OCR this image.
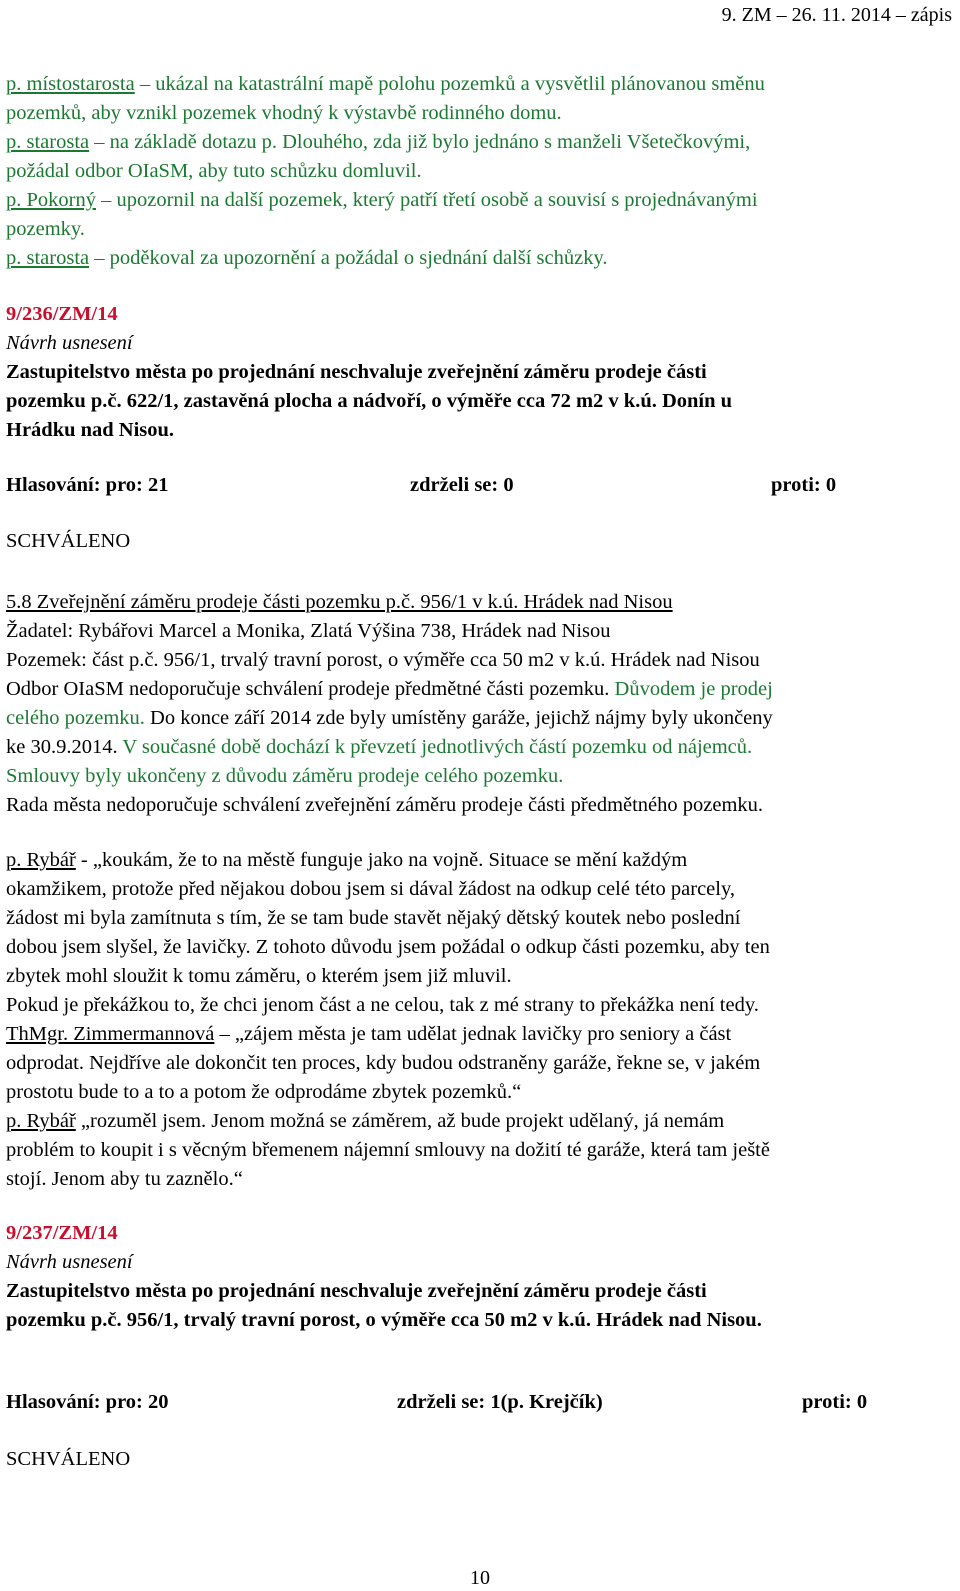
9. ZM – 26. 11. 2014 – zápis
p. místostarosta – ukázal na katastrální mapě polohu pozemků a vysvětlil plánovanou směnu
pozemků, aby vznikl pozemek vhodný k výstavbě rodinného domu.
p. starosta – na základě dotazu p. Dlouhého, zda již bylo jednáno s manželi Všetečkovými,
požádal odbor OIaSM, aby tuto schůzku domluvil.
p. Pokorný – upozornil na další pozemek, který patří třetí osobě a souvisí s projednávanými
pozemky.
p. starosta – poděkoval za upozornění a požádal o sjednání další schůzky.
9/236/ZM/14
Návrh usnesení
Zastupitelstvo města po projednání neschvaluje zveřejnění záměru prodeje části
pozemku p.č. 622/1, zastavěná plocha a nádvoří, o výměře cca 72 m2 v k.ú. Donín u
Hrádku nad Nisou.
Hlasování: pro: 21	zdrželi se: 0	proti: 0
SCHVÁLENO
5.8 Zveřejnění záměru prodeje části pozemku p.č. 956/1 v k.ú. Hrádek nad Nisou
Žadatel: Rybářovi Marcel a Monika, Zlatá Výšina 738, Hrádek nad Nisou
Pozemek: část p.č. 956/1, trvalý travní porost, o výměře cca 50 m2 v k.ú. Hrádek nad Nisou
Odbor OIaSM nedoporučuje schválení prodeje předmětné části pozemku. Důvodem je prodej
celého pozemku. Do konce září 2014 zde byly umístěny garáže, jejichž nájmy byly ukončeny
ke 30.9.2014. V současné době dochází k převzetí jednotlivých částí pozemku od nájemců.
Smlouvy byly ukončeny z důvodu záměru prodeje celého pozemku.
Rada města nedoporučuje schválení zveřejnění záměru prodeje části předmětného pozemku.
p. Rybář - „koukám, že to na městě funguje jako na vojně. Situace se mění každým
okamžikem, protože před nějakou dobou jsem si dával žádost na odkup celé této parcely,
žádost mi byla zamítnuta s tím, že se tam bude stavět nějaký dětský koutek nebo poslední
dobou jsem slyšel, že lavičky. Z tohoto důvodu jsem požádal o odkup části pozemku, aby ten
zbytek mohl sloužit k tomu záměru, o kterém jsem již mluvil.
Pokud je překážkou to, že chci jenom část a ne celou, tak z mé strany to překážka není tedy.
ThMgr. Zimmermannová – „zájem města je tam udělat jednak lavičky pro seniory a část
odprodat. Nejdříve ale dokončit ten proces, kdy budou odstraněny garáže, řekne se, v jakém
prostotu bude to a to a potom že odprodáme zbytek pozemků.“
p. Rybář „rozuměl jsem. Jenom možná se záměrem, až bude projekt udělaný, já nemám
problém to koupit i s věcným břemenem nájemní smlouvy na dožití té garáže, která tam ještě
stojí. Jenom aby tu zaznělo.“
9/237/ZM/14
Návrh usnesení
Zastupitelstvo města po projednání neschvaluje zveřejnění záměru prodeje části
pozemku p.č. 956/1, trvalý travní porost, o výměře cca 50 m2 v k.ú. Hrádek nad Nisou.
Hlasování: pro: 20	zdrželi se: 1(p. Krejčík)	proti: 0
SCHVÁLENO
10
